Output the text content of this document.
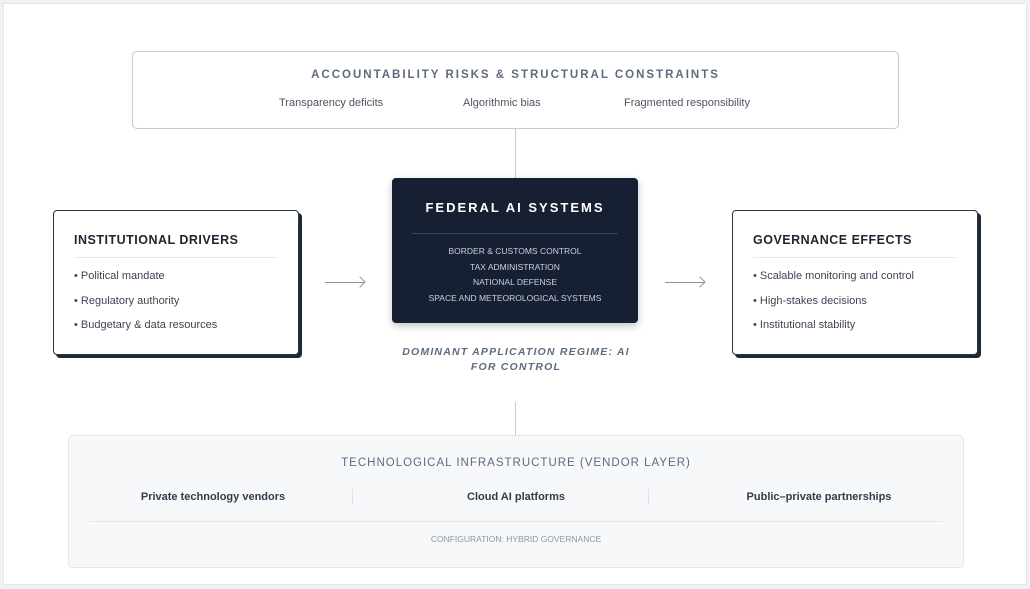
ACCOUNTABILITY RISKS & STRUCTURAL CONSTRAINTS
Transparency deficits	Algorithmic bias	Fragmented responsibility
INSTITUTIONAL DRIVERS
• Political mandate
• Regulatory authority
• Budgetary & data resources
FEDERAL AI SYSTEMS
BORDER & CUSTOMS CONTROL
TAX ADMINISTRATION
NATIONAL DEFENSE
SPACE AND METEOROLOGICAL SYSTEMS
GOVERNANCE EFFECTS
• Scalable monitoring and control
• High-stakes decisions
• Institutional stability
DOMINANT APPLICATION REGIME: AI FOR CONTROL
TECHNOLOGICAL INFRASTRUCTURE (VENDOR LAYER)
Private technology vendors	Cloud AI platforms	Public–private partnerships
CONFIGURATION: HYBRID GOVERNANCE
